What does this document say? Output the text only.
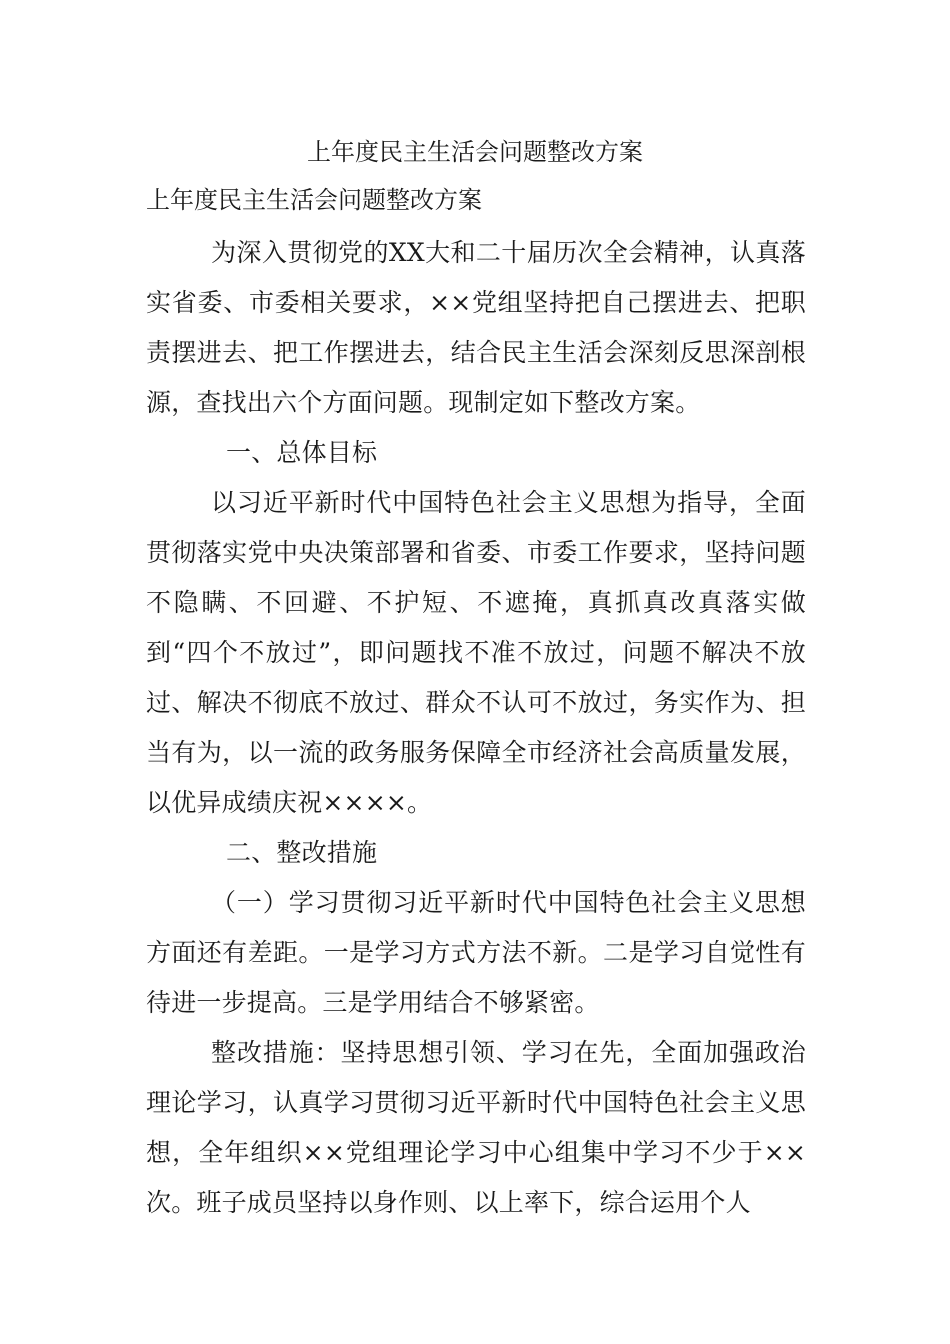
上年度民主生活会问题整改方案
上年度民主生活会问题整改方案

为深入贯彻党的XX大和二十届历次全会精神，认真落实省委、市委相关要求，××党组坚持把自己摆进去、把职责摆进去、把工作摆进去，结合民主生活会深刻反思深剖根源，查找出六个方面问题。现制定如下整改方案。

一、总体目标

以习近平新时代中国特色社会主义思想为指导，全面贯彻落实党中央决策部署和省委、市委工作要求，坚持问题不隐瞒、不回避、不护短、不遮掩，真抓真改真落实做到“四个不放过”，即问题找不准不放过，问题不解决不放过、解决不彻底不放过、群众不认可不放过，务实作为、担当有为，以一流的政务服务保障全市经济社会高质量发展，以优异成绩庆祝××××。

二、整改措施

（一）学习贯彻习近平新时代中国特色社会主义思想方面还有差距。一是学习方式方法不新。二是学习自觉性有待进一步提高。三是学用结合不够紧密。

整改措施：坚持思想引领、学习在先，全面加强政治理论学习，认真学习贯彻习近平新时代中国特色社会主义思想，全年组织××党组理论学习中心组集中学习不少于××次。班子成员坚持以身作则、以上率下，综合运用个人
